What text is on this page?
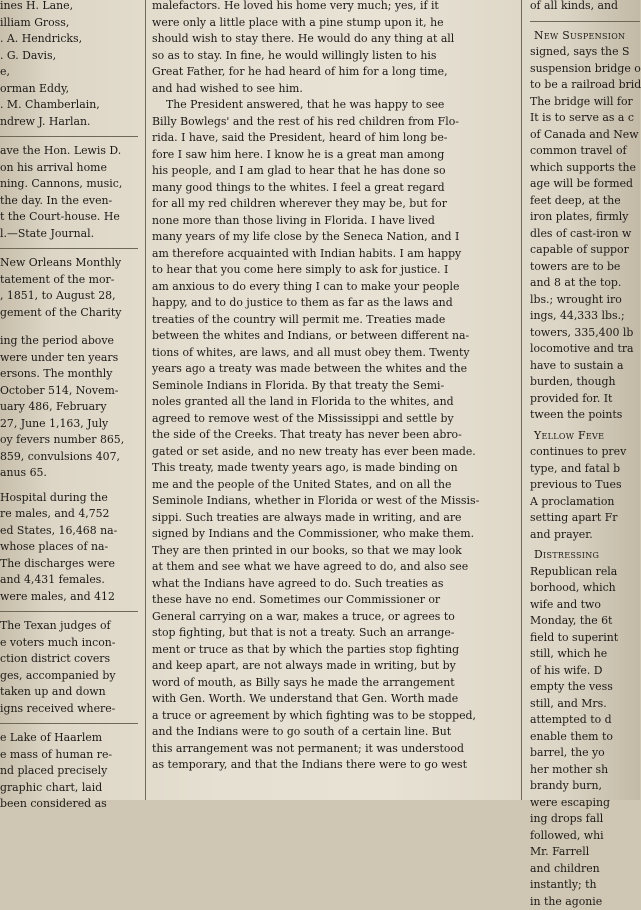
ines H. Lane,
illiam Gross,
. A. Hendricks,
. G. Davis,
e,
orman Eddy,
. M. Chamberlain,
ndrew J. Harlan.
ave the Hon. Lewis D.
on his arrival home
ning. Cannons, music,
the day. In the even-
t the Court-house. He
l.—State Journal.
New Orleans Monthly
tatement of the mor-
, 1851, to August 28,
gement of the Charity
ing the period above
were under ten years
ersons. The monthly
October 514, Novem-
uary 486, February
27, June 1,163, July
oy fevers number 865,
859, convulsions 407,
anus 65.
Hospital during the
re males, and 4,752
ed States, 16,468 na-
whose places of na-
The discharges were
and 4,431 females.
were males, and 412
The Texan judges of
e voters much incon-
ction district covers
ges, accompanied by
taken up and down
igns received where-
e Lake of Haarlem
e mass of human re-
nd placed precisely
graphic chart, laid
been considered as
malefactors. He loved his home very much; yes, if it
were only a little place with a pine stump upon it, he
should wish to stay there. He would do any thing at all
so as to stay. In fine, he would willingly listen to his
Great Father, for he had heard of him for a long time,
and had wished to see him.
The President answered, that he was happy to see
Billy Bowlegs' and the rest of his red children from Flo-
rida. I have, said the President, heard of him long be-
fore I saw him here. I know he is a great man among
his people, and I am glad to hear that he has done so
many good things to the whites. I feel a great regard
for all my red children wherever they may be, but for
none more than those living in Florida. I have lived
many years of my life close by the Seneca Nation, and I
am therefore acquainted with Indian habits. I am happy
to hear that you come here simply to ask for justice. I
am anxious to do every thing I can to make your people
happy, and to do justice to them as far as the laws and
treaties of the country will permit me. Treaties made
between the whites and Indians, or between different na-
tions of whites, are laws, and all must obey them. Twenty
years ago a treaty was made between the whites and the
Seminole Indians in Florida. By that treaty the Semi-
noles granted all the land in Florida to the whites, and
agreed to remove west of the Mississippi and settle by
the side of the Creeks. That treaty has never been abro-
gated or set aside, and no new treaty has ever been made.
This treaty, made twenty years ago, is made binding on
me and the people of the United States, and on all the
Seminole Indians, whether in Florida or west of the Missis-
sippi. Such treaties are always made in writing, and are
signed by Indians and the Commissioner, who make them.
They are then printed in our books, so that we may look
at them and see what we have agreed to do, and also see
what the Indians have agreed to do. Such treaties as
these have no end. Sometimes our Commissioner or
General carrying on a war, makes a truce, or agrees to
stop fighting, but that is not a treaty. Such an arrange-
ment or truce as that by which the parties stop fighting
and keep apart, are not always made in writing, but by
word of mouth, as Billy says he made the arrangement
with Gen. Worth. We understand that Gen. Worth made
a truce or agreement by which fighting was to be stopped,
and the Indians were to go south of a certain line. But
this arrangement was not permanent; it was understood
as temporary, and that the Indians there were to go west
of all kinds, and
New Suspension
signed, says the S
suspension bridge o
to be a railroad brid
The bridge will for
It is to serve as a c
of Canada and New
common travel of
which supports the
age will be formed
feet deep, at the
iron plates, firmly
dles of cast-iron w
capable of suppor
towers are to be
and 8 at the top.
lbs.; wrought iro
ings, 44,333 lbs.;
towers, 335,400 lb
locomotive and tra
have to sustain a
burden, though
provided for. It
tween the points
Yellow Feve
continues to prev
type, and fatal b
previous to Tues
A proclamation
setting apart Fr
and prayer.
Distressing
Republican rela
borhood, which
wife and two
Monday, the 6t
field to superint
still, which he
of his wife. D
empty the vess
still, and Mrs.
attempted to d
enable them to
barrel, the yo
her mother sh
brandy burn,
were escaping
ing drops fall
followed, whi
Mr. Farrell
and children
instantly; th
in the agonie
